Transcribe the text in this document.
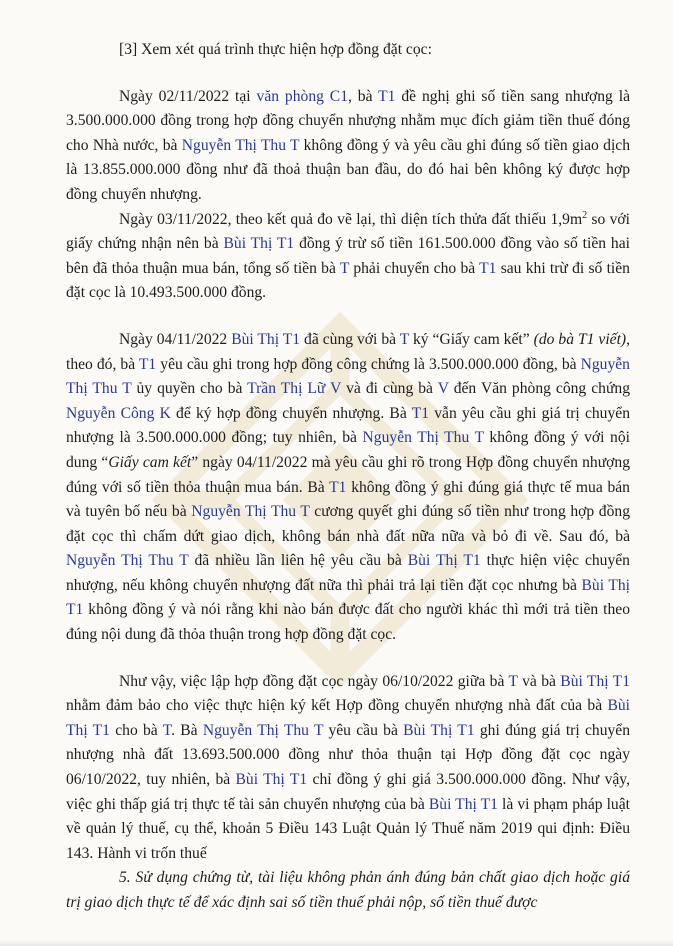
[3] Xem xét quá trình thực hiện hợp đồng đặt cọc:

Ngày 02/11/2022 tại văn phòng C1, bà T1 đề nghị ghi số tiền sang nhượng là 3.500.000.000 đồng trong hợp đồng chuyển nhượng nhằm mục đích giảm tiền thuế đóng cho Nhà nước, bà Nguyễn Thị Thu T không đồng ý và yêu cầu ghi đúng số tiền giao dịch là 13.855.000.000 đồng như đã thoả thuận ban đầu, do đó hai bên không ký được hợp đồng chuyển nhượng.

Ngày 03/11/2022, theo kết quả đo vẽ lại, thì diện tích thửa đất thiếu $1,9m^2$ so với giấy chứng nhận nên bà Bùi Thị T1 đồng ý trừ số tiền 161.500.000 đồng vào số tiền hai bên đã thỏa thuận mua bán, tổng số tiền bà T phải chuyển cho bà T1 sau khi trừ đi số tiền đặt cọc là 10.493.500.000 đồng.

Ngày 04/11/2022 Bùi Thị T1 đã cùng với bà T ký “Giấy cam kết” (do bà T1 viết), theo đó, bà T1 yêu cầu ghi trong hợp đồng công chứng là 3.500.000.000 đồng, bà Nguyễn Thị Thu T ủy quyền cho bà Trần Thị Lữ V và đi cùng bà V đến Văn phòng công chứng Nguyễn Công K để ký hợp đồng chuyển nhượng. Bà T1 vẫn yêu cầu ghi giá trị chuyển nhượng là 3.500.000.000 đồng; tuy nhiên, bà Nguyễn Thị Thu T không đồng ý với nội dung “Giấy cam kết” ngày 04/11/2022 mà yêu cầu ghi rõ trong Hợp đồng chuyển nhượng đúng với số tiền thỏa thuận mua bán. Bà T1 không đồng ý ghi đúng giá thực tế mua bán và tuyên bố nếu bà Nguyễn Thị Thu T cương quyết ghi đúng số tiền như trong hợp đồng đặt cọc thì chấm dứt giao dịch, không bán nhà đất nữa nữa và bỏ đi về. Sau đó, bà Nguyễn Thị Thu T đã nhiều lần liên hệ yêu cầu bà Bùi Thị T1 thực hiện việc chuyển nhượng, nếu không chuyển nhượng đất nữa thì phải trả lại tiền đặt cọc nhưng bà Bùi Thị T1 không đồng ý và nói rằng khi nào bán được đất cho người khác thì mới trả tiền theo đúng nội dung đã thỏa thuận trong hợp đồng đặt cọc.

Như vậy, việc lập hợp đồng đặt cọc ngày 06/10/2022 giữa bà T và bà Bùi Thị T1 nhằm đảm bảo cho việc thực hiện ký kết Hợp đồng chuyển nhượng nhà đất của bà Bùi Thị T1 cho bà T. Bà Nguyễn Thị Thu T yêu cầu bà Bùi Thị T1 ghi đúng giá trị chuyển nhượng nhà đất 13.693.500.000 đồng như thỏa thuận tại Hợp đồng đặt cọc ngày 06/10/2022, tuy nhiên, bà Bùi Thị T1 chỉ đồng ý ghi giá 3.500.000.000 đồng. Như vậy, việc ghi thấp giá trị thực tế tài sản chuyển nhượng của bà Bùi Thị T1 là vi phạm pháp luật về quản lý thuế, cụ thể, khoản 5 Điều 143 Luật Quản lý Thuế năm 2019 qui định: Điều 143. Hành vi trốn thuế

5. Sử dụng chứng từ, tài liệu không phản ánh đúng bản chất giao dịch hoặc giá trị giao dịch thực tế để xác định sai số tiền thuế phải nộp, số tiền thuế được
